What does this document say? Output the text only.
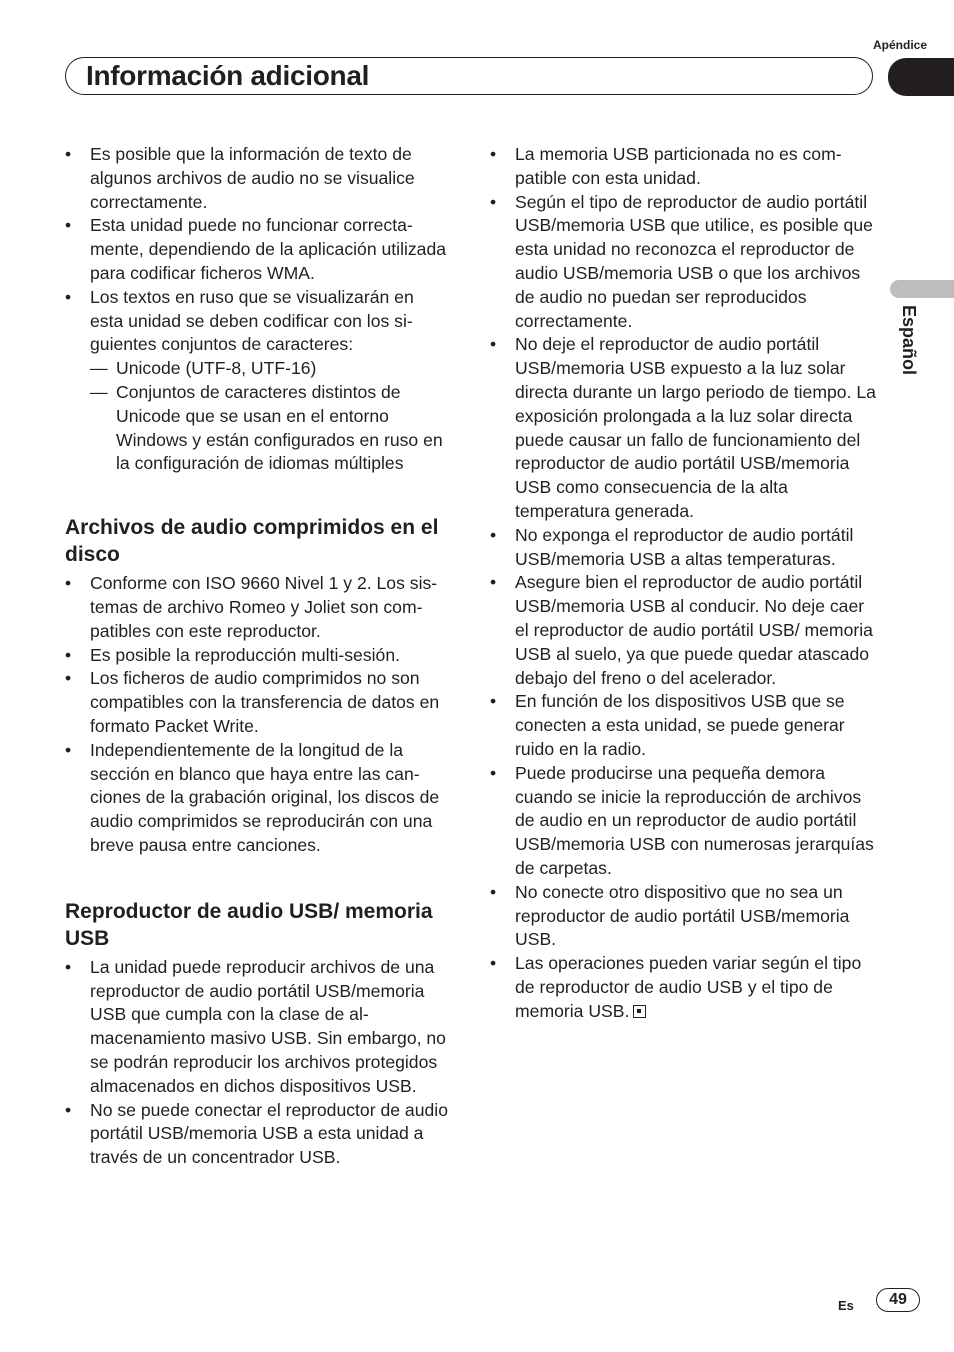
Apéndice
Información adicional
Español
• Es posible que la información de texto de algunos archivos de audio no se visualice correctamente.
• Esta unidad puede no funcionar correctamente, dependiendo de la aplicación utilizada para codificar ficheros WMA.
• Los textos en ruso que se visualizarán en esta unidad se deben codificar con los siguientes conjuntos de caracteres:
— Unicode (UTF-8, UTF-16)
— Conjuntos de caracteres distintos de Unicode que se usan en el entorno Windows y están configurados en ruso en la configuración de idiomas múltiples
Archivos de audio comprimidos en el disco
• Conforme con ISO 9660 Nivel 1 y 2. Los sistemas de archivo Romeo y Joliet son compatibles con este reproductor.
• Es posible la reproducción multi-sesión.
• Los ficheros de audio comprimidos no son compatibles con la transferencia de datos en formato Packet Write.
• Independientemente de la longitud de la sección en blanco que haya entre las canciones de la grabación original, los discos de audio comprimidos se reproducirán con una breve pausa entre canciones.
Reproductor de audio USB/ memoria USB
• La unidad puede reproducir archivos de una reproductor de audio portátil USB/memoria USB que cumpla con la clase de almacenamiento masivo USB. Sin embargo, no se podrán reproducir los archivos protegidos almacenados en dichos dispositivos USB.
• No se puede conectar el reproductor de audio portátil USB/memoria USB a esta unidad a través de un concentrador USB.
• La memoria USB particionada no es compatible con esta unidad.
• Según el tipo de reproductor de audio portátil USB/memoria USB que utilice, es posible que esta unidad no reconozca el reproductor de audio USB/memoria USB o que los archivos de audio no puedan ser reproducidos correctamente.
• No deje el reproductor de audio portátil USB/memoria USB expuesto a la luz solar directa durante un largo periodo de tiempo. La exposición prolongada a la luz solar directa puede causar un fallo de funcionamiento del reproductor de audio portátil USB/memoria USB como consecuencia de la alta temperatura generada.
• No exponga el reproductor de audio portátil USB/memoria USB a altas temperaturas.
• Asegure bien el reproductor de audio portátil USB/memoria USB al conducir. No deje caer el reproductor de audio portátil USB/ memoria USB al suelo, ya que puede quedar atascado debajo del freno o del acelerador.
• En función de los dispositivos USB que se conecten a esta unidad, se puede generar ruido en la radio.
• Puede producirse una pequeña demora cuando se inicie la reproducción de archivos de audio en un reproductor de audio portátil USB/memoria USB con numerosas jerarquías de carpetas.
• No conecte otro dispositivo que no sea un reproductor de audio portátil USB/memoria USB.
• Las operaciones pueden variar según el tipo de reproductor de audio USB y el tipo de memoria USB.
Es	49
